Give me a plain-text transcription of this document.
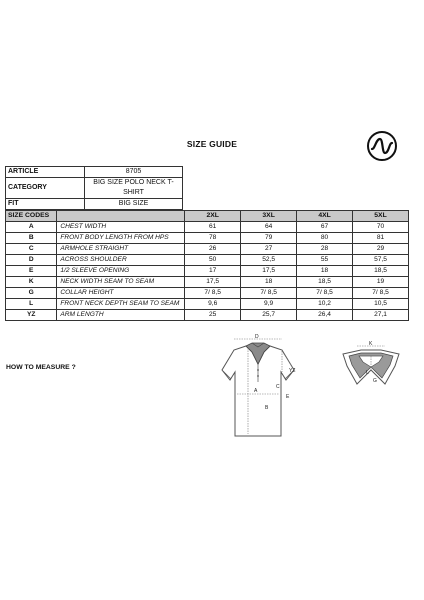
SIZE GUIDE
ARTICLE	8705
CATEGORY	BIG SIZE POLO NECK T-SHIRT
FIT	BIG SIZE
SIZE CODES		2XL	3XL	4XL	5XL
A	CHEST WIDTH	61	64	67	70
B	FRONT BODY LENGTH FROM HPS	78	79	80	81
C	ARMHOLE STRAIGHT	26	27	28	29
D	ACROSS SHOULDER	50	52,5	55	57,5
E	1/2 SLEEVE OPENING	17	17,5	18	18,5
K	NECK WIDTH SEAM TO SEAM	17,5	18	18,5	19
G	COLLAR HEIGHT	7/ 8,5	7/ 8,5	7/ 8,5	7/ 8,5
L	FRONT NECK DEPTH SEAM TO SEAM	9,6	9,9	10,2	10,5
YZ	ARM LENGTH	25	25,7	26,4	27,1
HOW TO MEASURE ?
D
A
B
C
E
YZ
K
L
G
